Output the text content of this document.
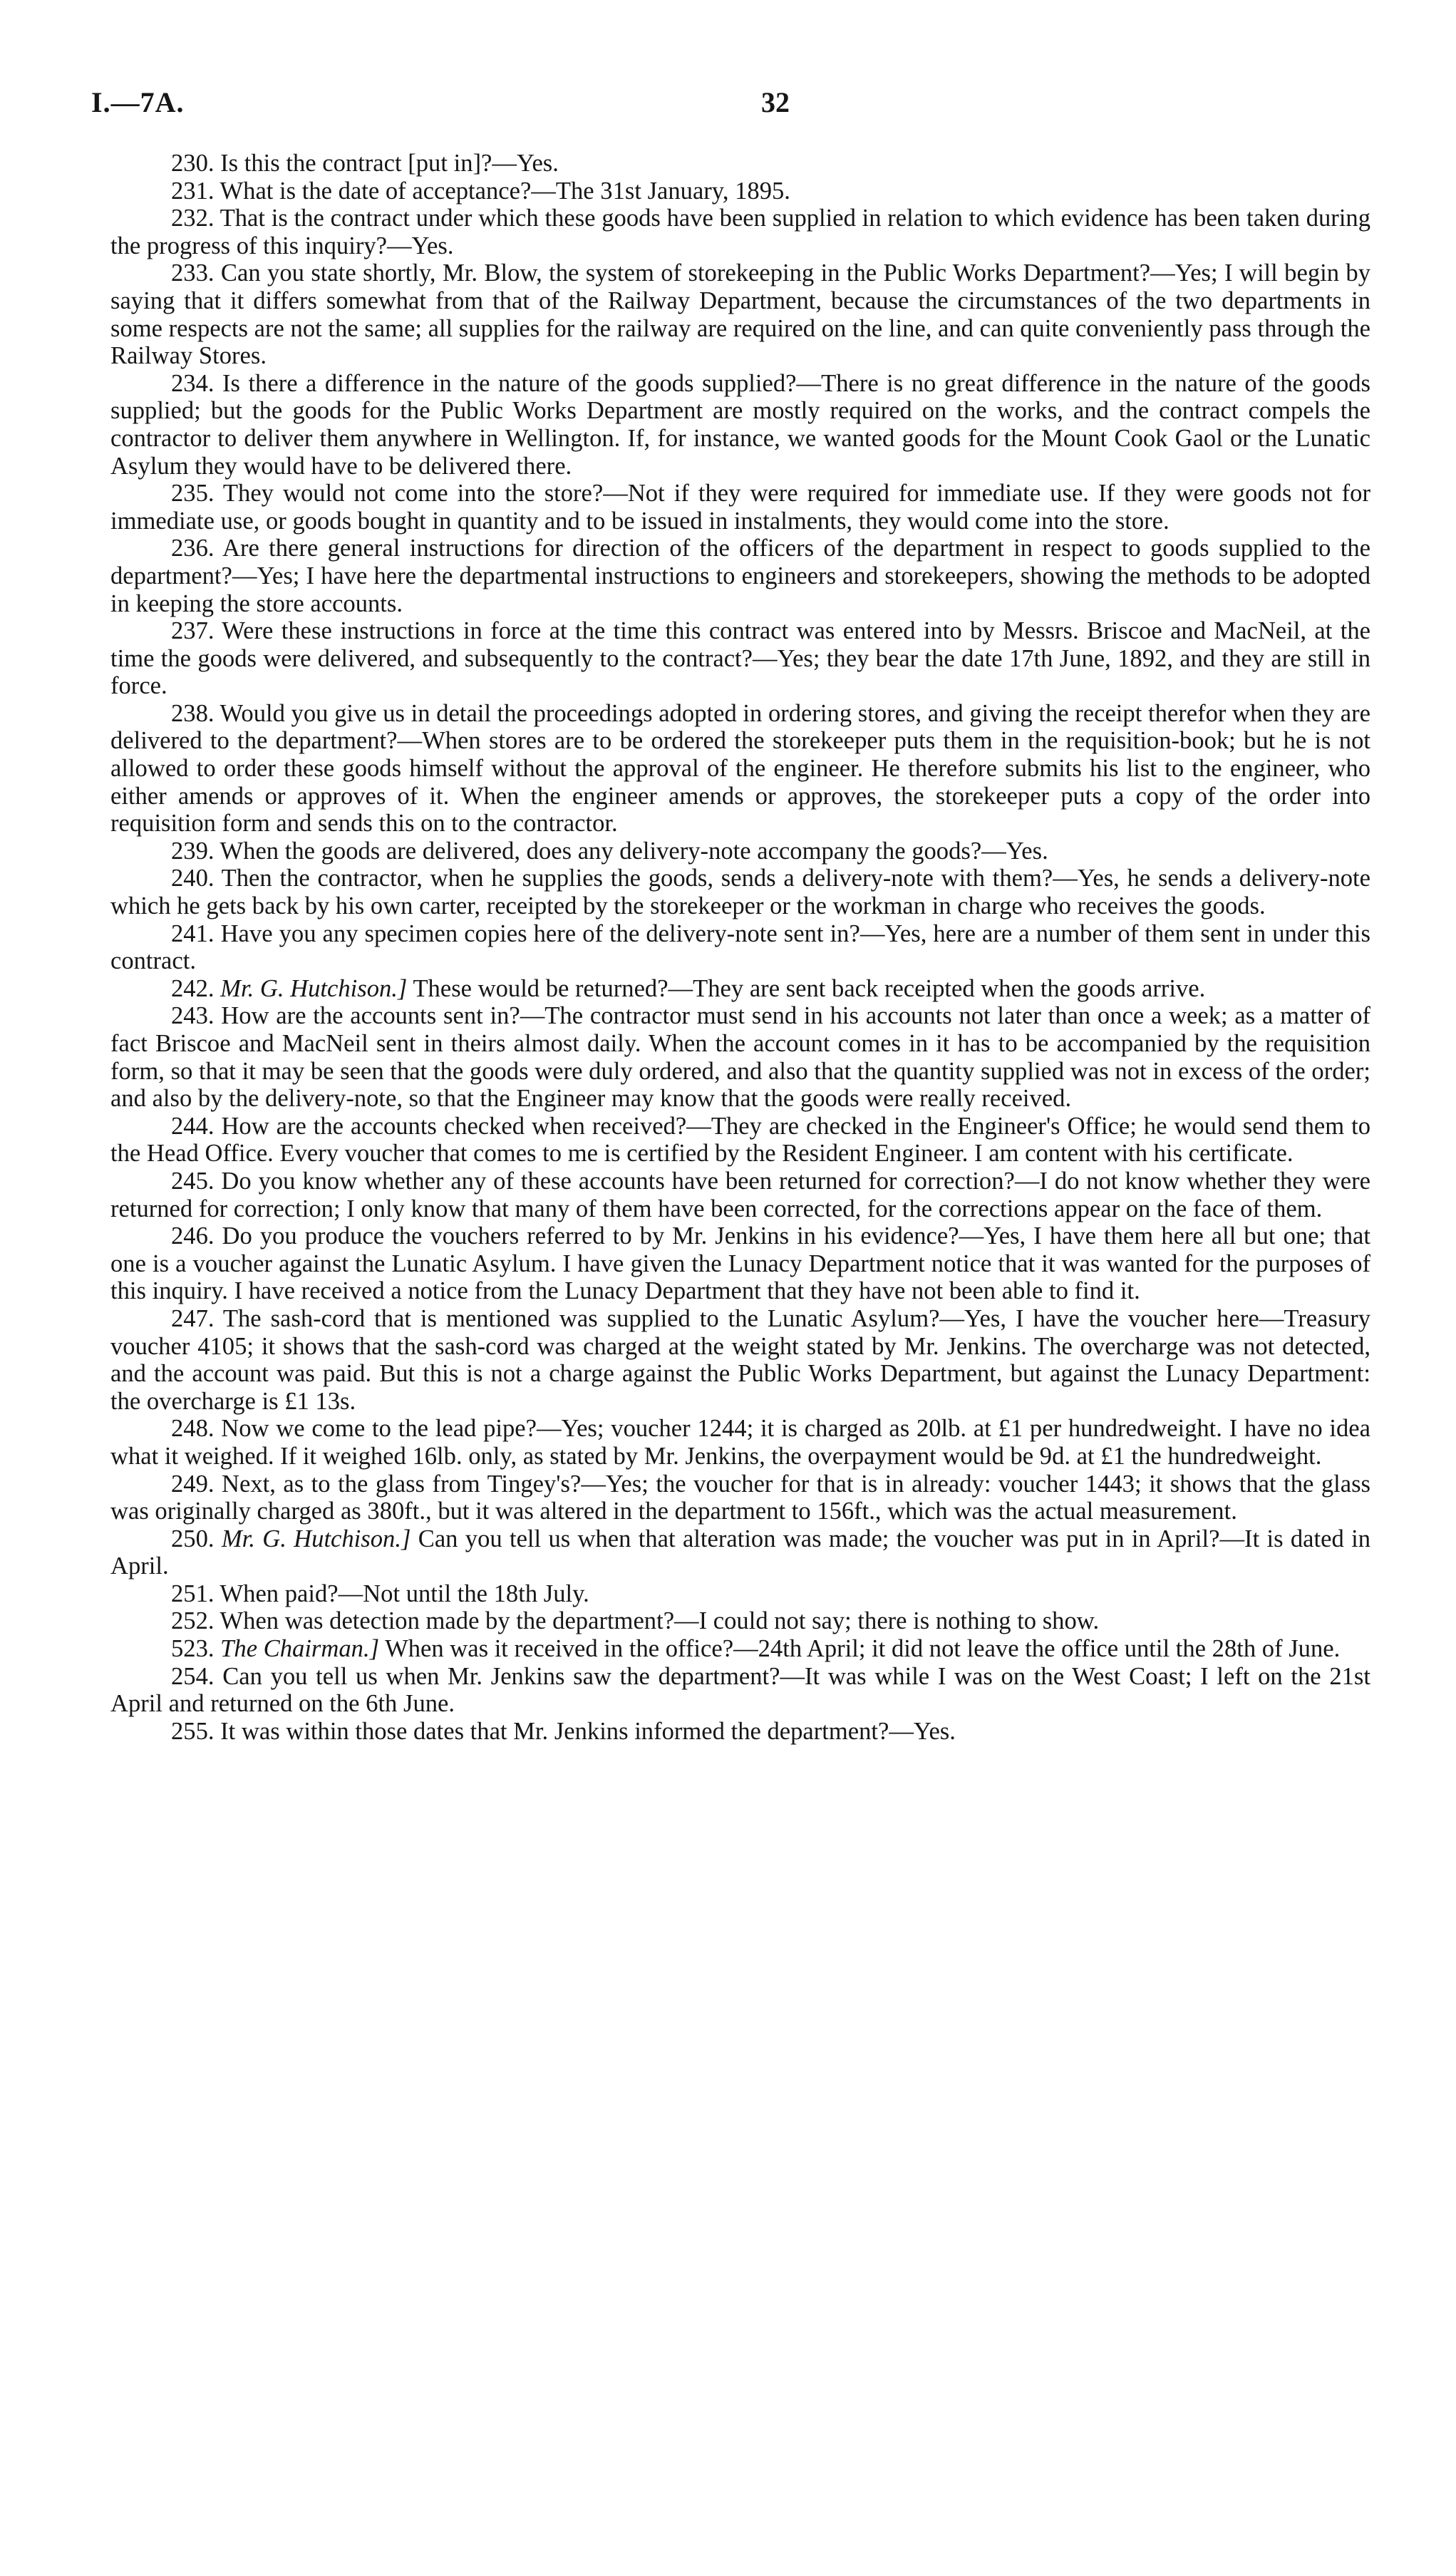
I.—7A.	32

230. Is this the contract [put in]?—Yes.

231. What is the date of acceptance?—The 31st January, 1895.

232. That is the contract under which these goods have been supplied in relation to which evidence has been taken during the progress of this inquiry?—Yes.

233. Can you state shortly, Mr. Blow, the system of storekeeping in the Public Works Department?—Yes; I will begin by saying that it differs somewhat from that of the Railway Department, because the circumstances of the two departments in some respects are not the same; all supplies for the railway are required on the line, and can quite conveniently pass through the Railway Stores.

234. Is there a difference in the nature of the goods supplied?—There is no great difference in the nature of the goods supplied; but the goods for the Public Works Department are mostly required on the works, and the contract compels the contractor to deliver them anywhere in Wellington. If, for instance, we wanted goods for the Mount Cook Gaol or the Lunatic Asylum they would have to be delivered there.

235. They would not come into the store?—Not if they were required for immediate use. If they were goods not for immediate use, or goods bought in quantity and to be issued in instalments, they would come into the store.

236. Are there general instructions for direction of the officers of the department in respect to goods supplied to the department?—Yes; I have here the departmental instructions to engineers and storekeepers, showing the methods to be adopted in keeping the store accounts.

237. Were these instructions in force at the time this contract was entered into by Messrs. Briscoe and MacNeil, at the time the goods were delivered, and subsequently to the contract?—Yes; they bear the date 17th June, 1892, and they are still in force.

238. Would you give us in detail the proceedings adopted in ordering stores, and giving the receipt therefor when they are delivered to the department?—When stores are to be ordered the storekeeper puts them in the requisition-book; but he is not allowed to order these goods himself without the approval of the engineer. He therefore submits his list to the engineer, who either amends or approves of it. When the engineer amends or approves, the storekeeper puts a copy of the order into requisition form and sends this on to the contractor.

239. When the goods are delivered, does any delivery-note accompany the goods?—Yes.

240. Then the contractor, when he supplies the goods, sends a delivery-note with them?—Yes, he sends a delivery-note which he gets back by his own carter, receipted by the storekeeper or the workman in charge who receives the goods.

241. Have you any specimen copies here of the delivery-note sent in?—Yes, here are a number of them sent in under this contract.

242. Mr. G. Hutchison.] These would be returned?—They are sent back receipted when the goods arrive.

243. How are the accounts sent in?—The contractor must send in his accounts not later than once a week; as a matter of fact Briscoe and MacNeil sent in theirs almost daily. When the account comes in it has to be accompanied by the requisition form, so that it may be seen that the goods were duly ordered, and also that the quantity supplied was not in excess of the order; and also by the delivery-note, so that the Engineer may know that the goods were really received.

244. How are the accounts checked when received?—They are checked in the Engineer's Office; he would send them to the Head Office. Every voucher that comes to me is certified by the Resident Engineer. I am content with his certificate.

245. Do you know whether any of these accounts have been returned for correction?—I do not know whether they were returned for correction; I only know that many of them have been corrected, for the corrections appear on the face of them.

246. Do you produce the vouchers referred to by Mr. Jenkins in his evidence?—Yes, I have them here all but one; that one is a voucher against the Lunatic Asylum. I have given the Lunacy Department notice that it was wanted for the purposes of this inquiry. I have received a notice from the Lunacy Department that they have not been able to find it.

247. The sash-cord that is mentioned was supplied to the Lunatic Asylum?—Yes, I have the voucher here—Treasury voucher 4105; it shows that the sash-cord was charged at the weight stated by Mr. Jenkins. The overcharge was not detected, and the account was paid. But this is not a charge against the Public Works Department, but against the Lunacy Department: the overcharge is £1 13s.

248. Now we come to the lead pipe?—Yes; voucher 1244; it is charged as 20lb. at £1 per hundredweight. I have no idea what it weighed. If it weighed 16lb. only, as stated by Mr. Jenkins, the overpayment would be 9d. at £1 the hundredweight.

249. Next, as to the glass from Tingey's?—Yes; the voucher for that is in already: voucher 1443; it shows that the glass was originally charged as 380ft., but it was altered in the department to 156ft., which was the actual measurement.

250. Mr. G. Hutchison.] Can you tell us when that alteration was made; the voucher was put in in April?—It is dated in April.

251. When paid?—Not until the 18th July.

252. When was detection made by the department?—I could not say; there is nothing to show.

523. The Chairman.] When was it received in the office?—24th April; it did not leave the office until the 28th of June.

254. Can you tell us when Mr. Jenkins saw the department?—It was while I was on the West Coast; I left on the 21st April and returned on the 6th June.

255. It was within those dates that Mr. Jenkins informed the department?—Yes.
